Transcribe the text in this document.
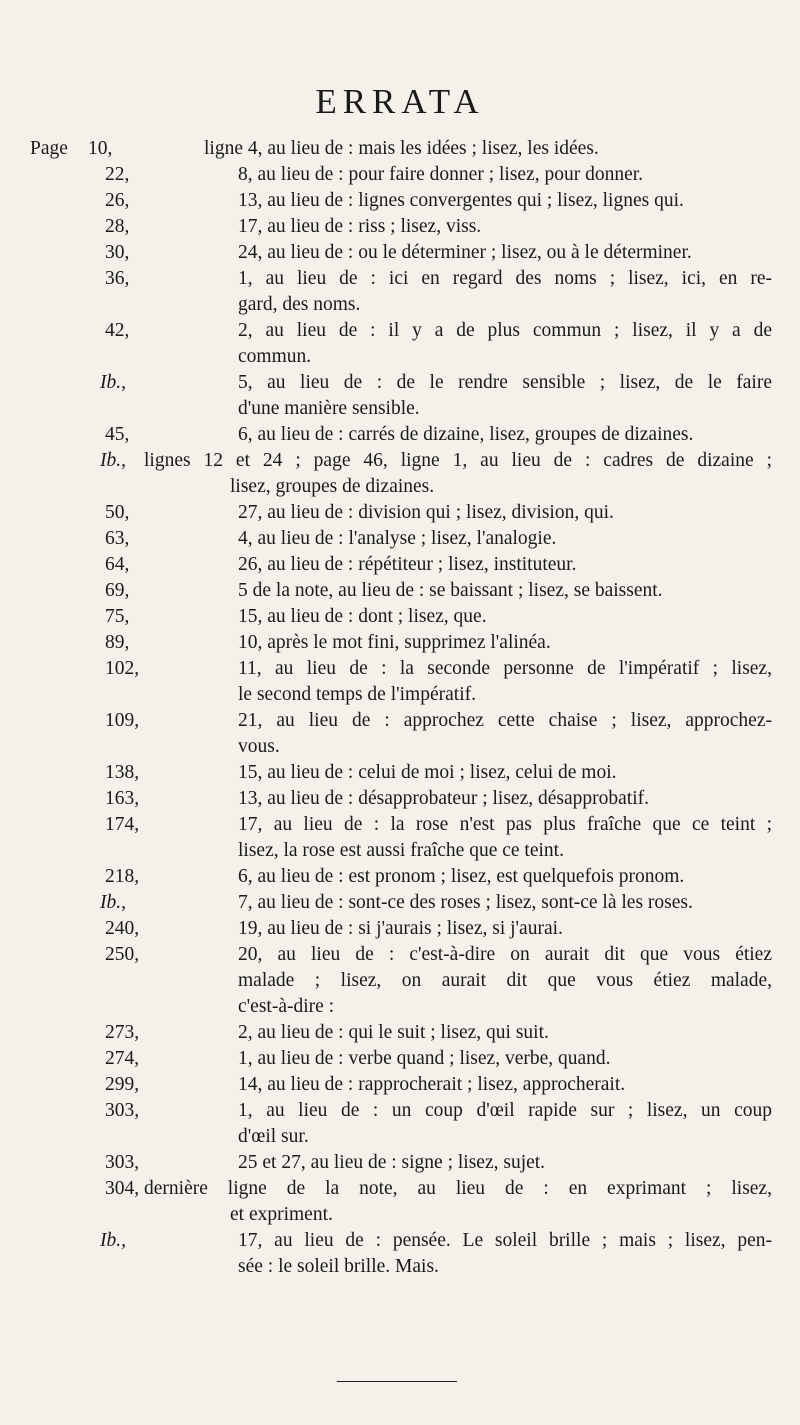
ERRATA
Page 10,	ligne 4, au lieu de : mais les idées ; lisez, les idées.
22,	8, au lieu de : pour faire donner ; lisez, pour donner.
26,	13, au lieu de : lignes convergentes qui ; lisez, lignes qui.
28,	17, au lieu de : riss ; lisez, viss.
30,	24, au lieu de : ou le déterminer ; lisez, ou à le déterminer.
36,	1, au lieu de : ici en regard des noms ; lisez, ici, en re-
gard, des noms.
42,	2, au lieu de : il y a de plus commun ; lisez, il y a de
commun.
Ib.,	5, au lieu de : de le rendre sensible ; lisez, de le faire
d'une manière sensible.
45,	6, au lieu de : carrés de dizaine, lisez, groupes de dizaines.
Ib., lignes 12 et 24 ; page 46, ligne 1, au lieu de : cadres de dizaine ;
lisez, groupes de dizaines.
50,	27, au lieu de : division qui ; lisez, division, qui.
63,	4, au lieu de : l'analyse ; lisez, l'analogie.
64,	26, au lieu de : répétiteur ; lisez, instituteur.
69,	5 de la note, au lieu de : se baissant ; lisez, se baissent.
75,	15, au lieu de : dont ; lisez, que.
89,	10, après le mot fini, supprimez l'alinéa.
102,	11, au lieu de : la seconde personne de l'impératif ; lisez,
le second temps de l'impératif.
109,	21, au lieu de : approchez cette chaise ; lisez, approchez-
vous.
138,	15, au lieu de : celui de moi ; lisez, celui de moi.
163,	13, au lieu de : désapprobateur ; lisez, désapprobatif.
174,	17, au lieu de : la rose n'est pas plus fraîche que ce teint ;
lisez, la rose est aussi fraîche que ce teint.
218,	6, au lieu de : est pronom ; lisez, est quelquefois pronom.
Ib.,	7, au lieu de : sont-ce des roses ; lisez, sont-ce là les roses.
240,	19, au lieu de : si j'aurais ; lisez, si j'aurai.
250,	20, au lieu de : c'est-à-dire on aurait dit que vous étiez
malade ; lisez, on aurait dit que vous étiez malade,
c'est-à-dire :
273,	2, au lieu de : qui le suit ; lisez, qui suit.
274,	1, au lieu de : verbe quand ; lisez, verbe, quand.
299,	14, au lieu de : rapprocherait ; lisez, approcherait.
303,	1, au lieu de : un coup d'œil rapide sur ; lisez, un coup
d'œil sur.
303,	25 et 27, au lieu de : signe ; lisez, sujet.
304, dernière ligne de la note, au lieu de : en exprimant ; lisez,
et expriment.
Ib.,	17, au lieu de : pensée. Le soleil brille ; mais ; lisez, pen-
sée : le soleil brille. Mais.
